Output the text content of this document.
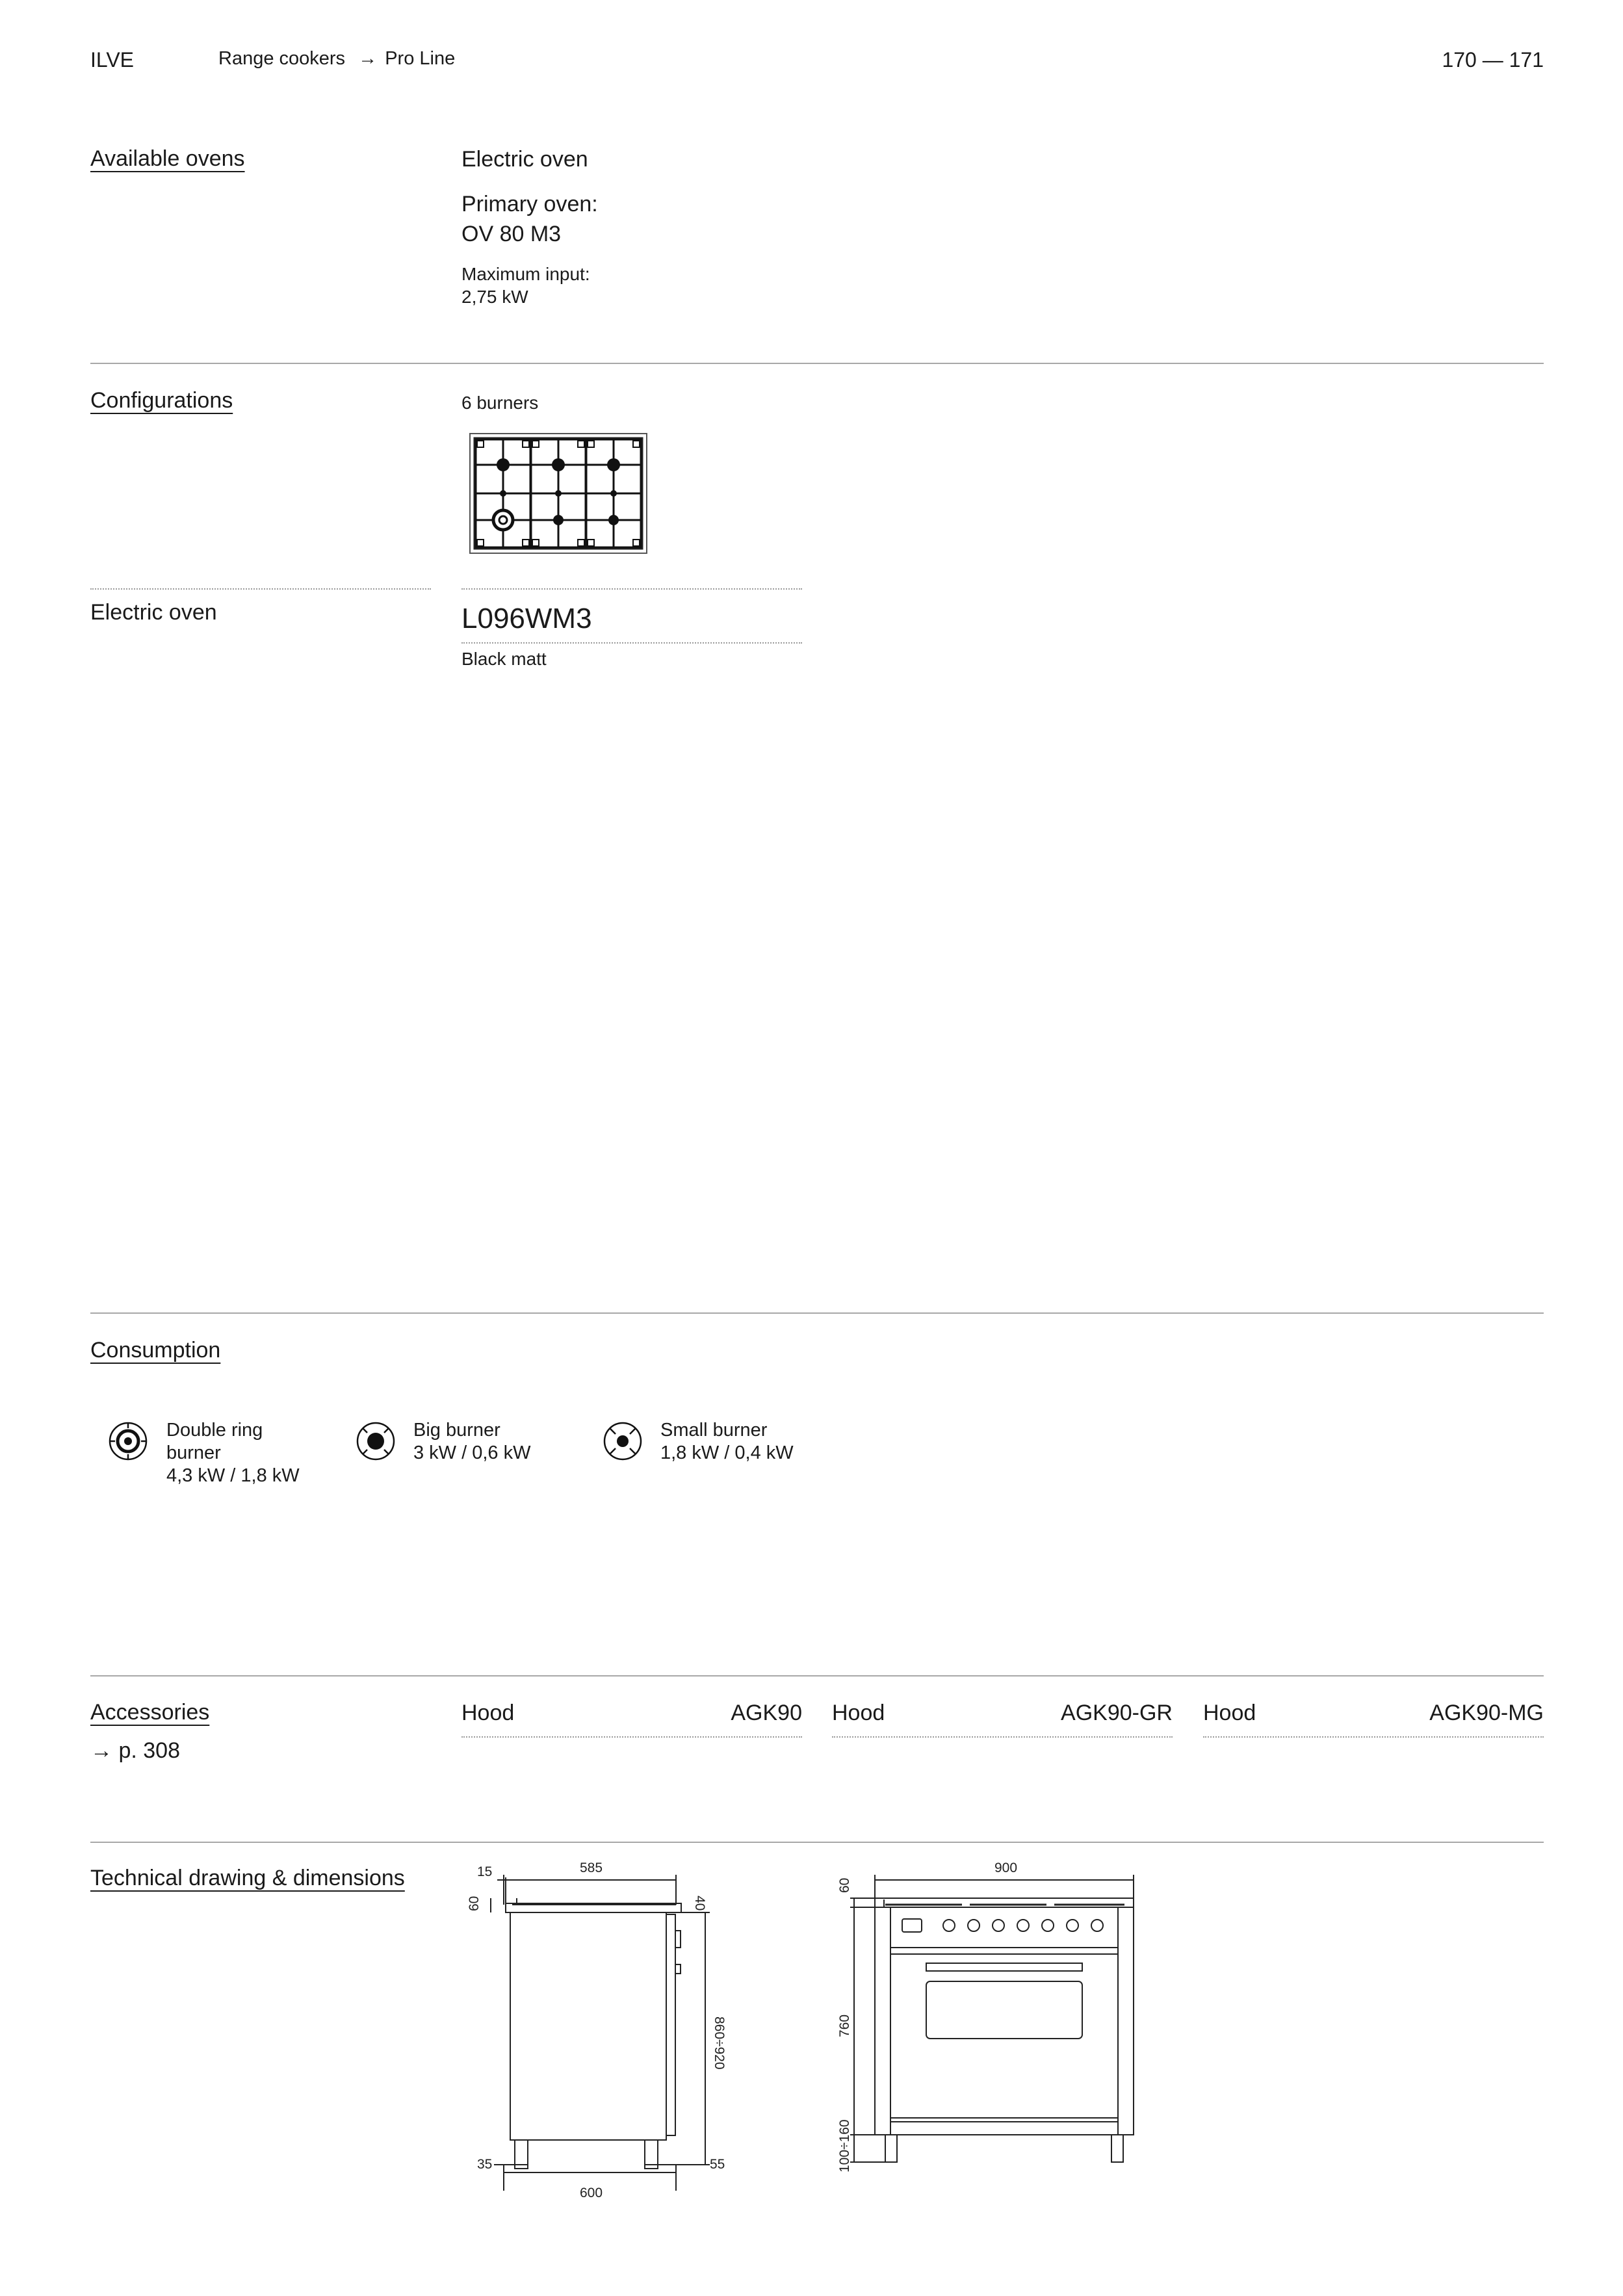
ILVE	Range cookers → Pro Line	170 — 171
Available ovens	Electric oven
Primary oven:
OV 80 M3
Maximum input:
2,75 kW
Configurations	6 burners
Electric oven	L096WM3
Black matt
Consumption
Double ring
burner
4,3 kW / 1,8 kW
Big burner
3 kW / 0,6 kW
Small burner
1,8 kW / 0,4 kW
Accessories
→ p. 308
Hood	AGK90 Hood	AGK90-GR Hood	AGK90-MG
Technical drawing & dimensions	15	585
40
60
860÷920
35	55
600
900
60
760
100÷160
